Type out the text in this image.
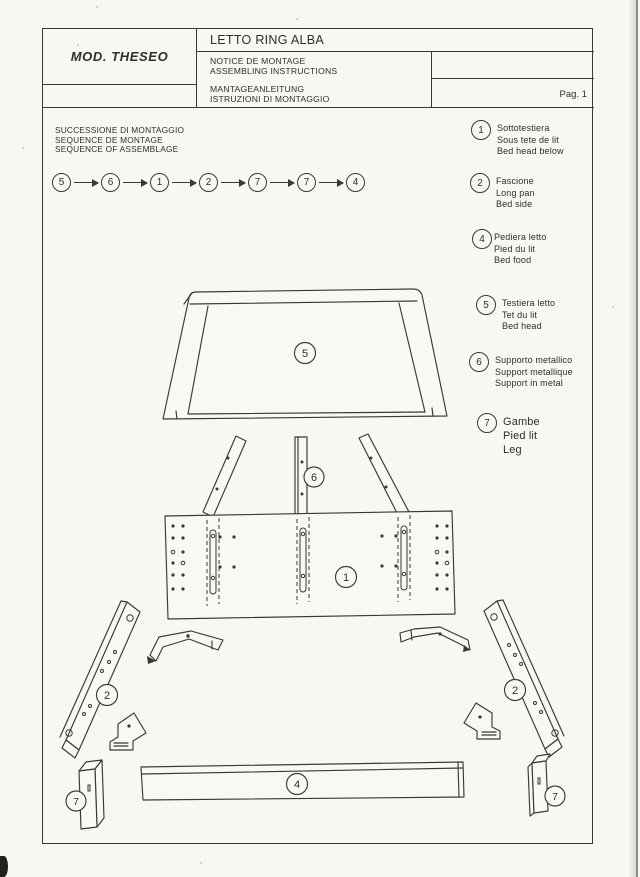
MOD. THESEO
LETTO RING ALBA
NOTICE DE MONTAGE
ASSEMBLING INSTRUCTIONS
MANTAGEANLEITUNG
ISTRUZIONI DI MONTAGGIO	Pag. 1
SUCCESSIONE DI MONTAGGIO
SEQUENCE DE MONTAGE
SEQUENCE OF ASSEMBLAGE
5	6	1	2	7	7	4
1	Sottotestiera
Sous tete de lit
Bed head below
2	Fascione
Long pan
Bed side
4	Pediera letto
Pied du lit
Bed food
5	Testiera letto
Tet du lit
Bed head
6	Supporto metallico
Support metallique
Support in metal
7	Gambe
Pied lit
Leg
5
6
1
2	2
4
7	7
